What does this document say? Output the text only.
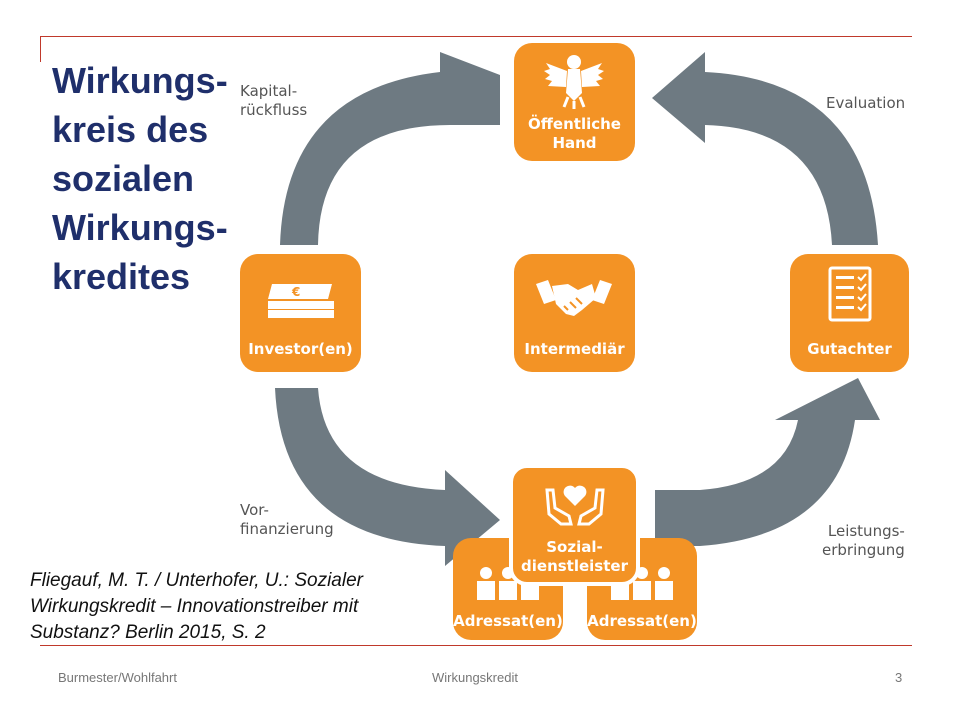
Wirkungs-
kreis des
sozialen
Wirkungs-
kredites
Kapital-
rückfluss	Evaluation
Vor-
finanzierung	Leistungs-
erbringung
Adressat(en) Adressat(en)
Öffentliche
Hand
€
Investor(en)	Intermediär	Gutachter
Sozial-
dienstleister
Fliegauf, M. T. / Unterhofer, U.: Sozialer
Wirkungskredit – Innovationstreiber mit
Substanz? Berlin 2015, S. 2
Burmester/Wohlfahrt	Wirkungskredit	3
